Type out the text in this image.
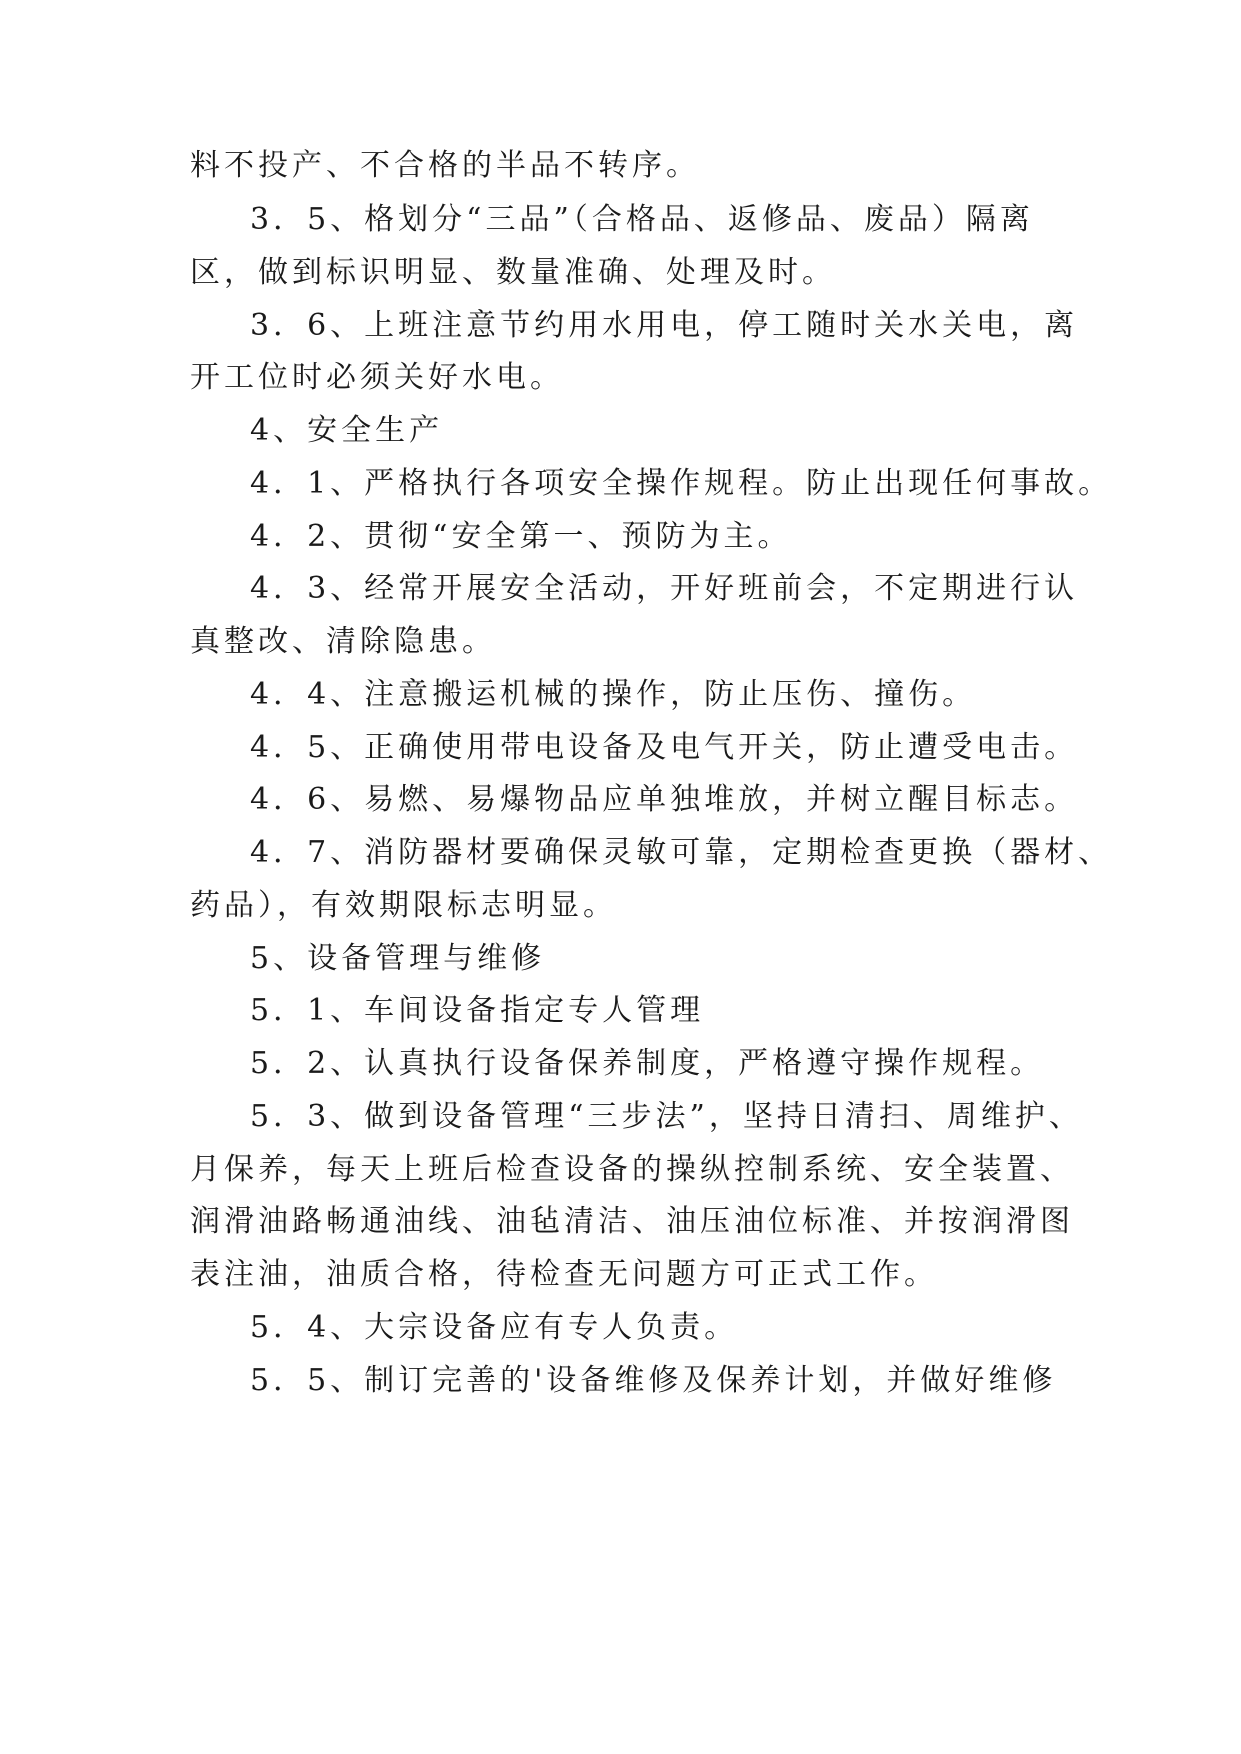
料不投产、不合格的半品不转序。
3．5、格划分“三品”（合格品、返修品、废品）隔离
区，做到标识明显、数量准确、处理及时。
3．6、上班注意节约用水用电，停工随时关水关电，离
开工位时必须关好水电。
4、安全生产
4．1、严格执行各项安全操作规程。防止出现任何事故。
4．2、贯彻“安全第一、预防为主。
4．3、经常开展安全活动，开好班前会，不定期进行认
真整改、清除隐患。
4．4、注意搬运机械的操作，防止压伤、撞伤。
4．5、正确使用带电设备及电气开关，防止遭受电击。
4．6、易燃、易爆物品应单独堆放，并树立醒目标志。
4．7、消防器材要确保灵敏可靠，定期检查更换（器材、
药品），有效期限标志明显。
5、设备管理与维修
5．1、车间设备指定专人管理
5．2、认真执行设备保养制度，严格遵守操作规程。
5．3、做到设备管理“三步法”，坚持日清扫、周维护、
月保养，每天上班后检查设备的操纵控制系统、安全装置、
润滑油路畅通油线、油毡清洁、油压油位标准、并按润滑图
表注油，油质合格，待检查无问题方可正式工作。
5．4、大宗设备应有专人负责。
5．5、制订完善的'设备维修及保养计划，并做好维修
